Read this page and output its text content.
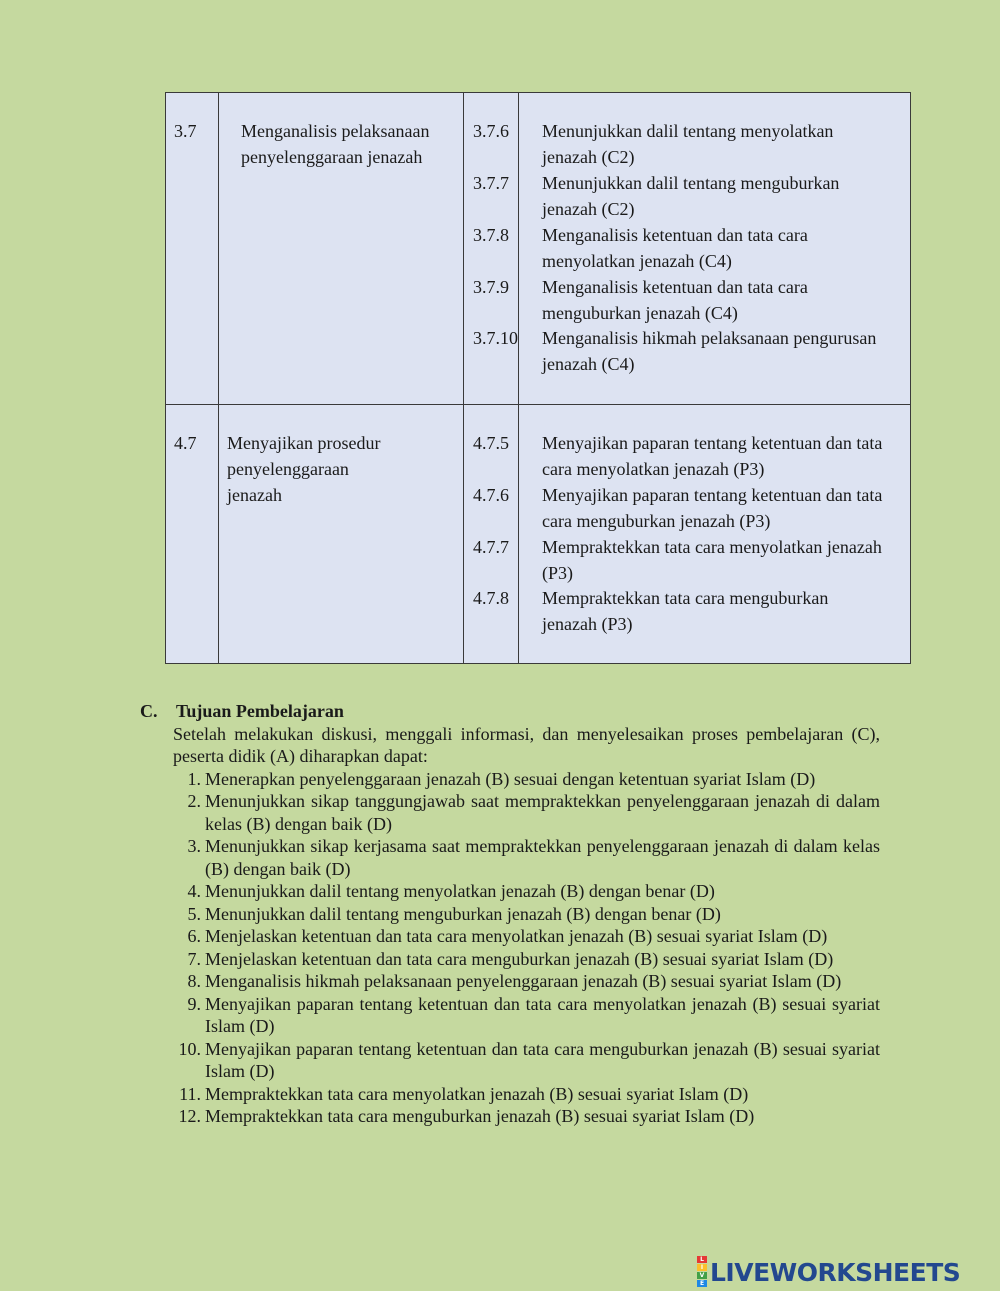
3.7 Menganalisis pelaksanaan penyelenggaraan jenazah
3.7.6	Menunjukkan dalil tentang menyolatkan jenazah (C2)
3.7.7	Menunjukkan dalil tentang menguburkan jenazah (C2)
3.7.8	Menganalisis ketentuan dan tata cara menyolatkan jenazah (C4)
3.7.9	Menganalisis ketentuan dan tata cara menguburkan jenazah (C4)
3.7.10 Menganalisis hikmah pelaksanaan pengurusan jenazah (C4)
4.7 Menyajikan prosedur penyelenggaraan jenazah
4.7.5	Menyajikan paparan tentang ketentuan dan tata cara menyolatkan jenazah (P3)
4.7.6	Menyajikan paparan tentang ketentuan dan tata cara menguburkan jenazah (P3)
4.7.7	Mempraktekkan tata cara menyolatkan jenazah (P3)
4.7.8	Mempraktekkan tata cara menguburkan jenazah (P3)
C. Tujuan Pembelajaran
Setelah melakukan diskusi, menggali informasi, dan menyelesaikan proses pembelajaran (C), peserta didik (A) diharapkan dapat:
1. Menerapkan penyelenggaraan jenazah (B) sesuai dengan ketentuan syariat Islam (D)
2. Menunjukkan sikap tanggungjawab saat mempraktekkan penyelenggaraan jenazah di dalam kelas (B) dengan baik (D)
3. Menunjukkan sikap kerjasama saat mempraktekkan penyelenggaraan jenazah di dalam kelas (B) dengan baik (D)
4. Menunjukkan dalil tentang menyolatkan jenazah (B) dengan benar (D)
5. Menunjukkan dalil tentang menguburkan jenazah (B) dengan benar (D)
6. Menjelaskan ketentuan dan tata cara menyolatkan jenazah (B) sesuai syariat Islam (D)
7. Menjelaskan ketentuan dan tata cara menguburkan jenazah (B) sesuai syariat Islam (D)
8. Menganalisis hikmah pelaksanaan penyelenggaraan jenazah (B) sesuai syariat Islam (D)
9. Menyajikan paparan tentang ketentuan dan tata cara menyolatkan jenazah (B) sesuai syariat Islam (D)
10. Menyajikan paparan tentang ketentuan dan tata cara menguburkan jenazah (B) sesuai syariat Islam (D)
11. Mempraktekkan tata cara menyolatkan jenazah (B) sesuai syariat Islam (D)
12. Mempraktekkan tata cara menguburkan jenazah (B) sesuai syariat Islam (D)
L
I
V
E LIVEWORKSHEETS
